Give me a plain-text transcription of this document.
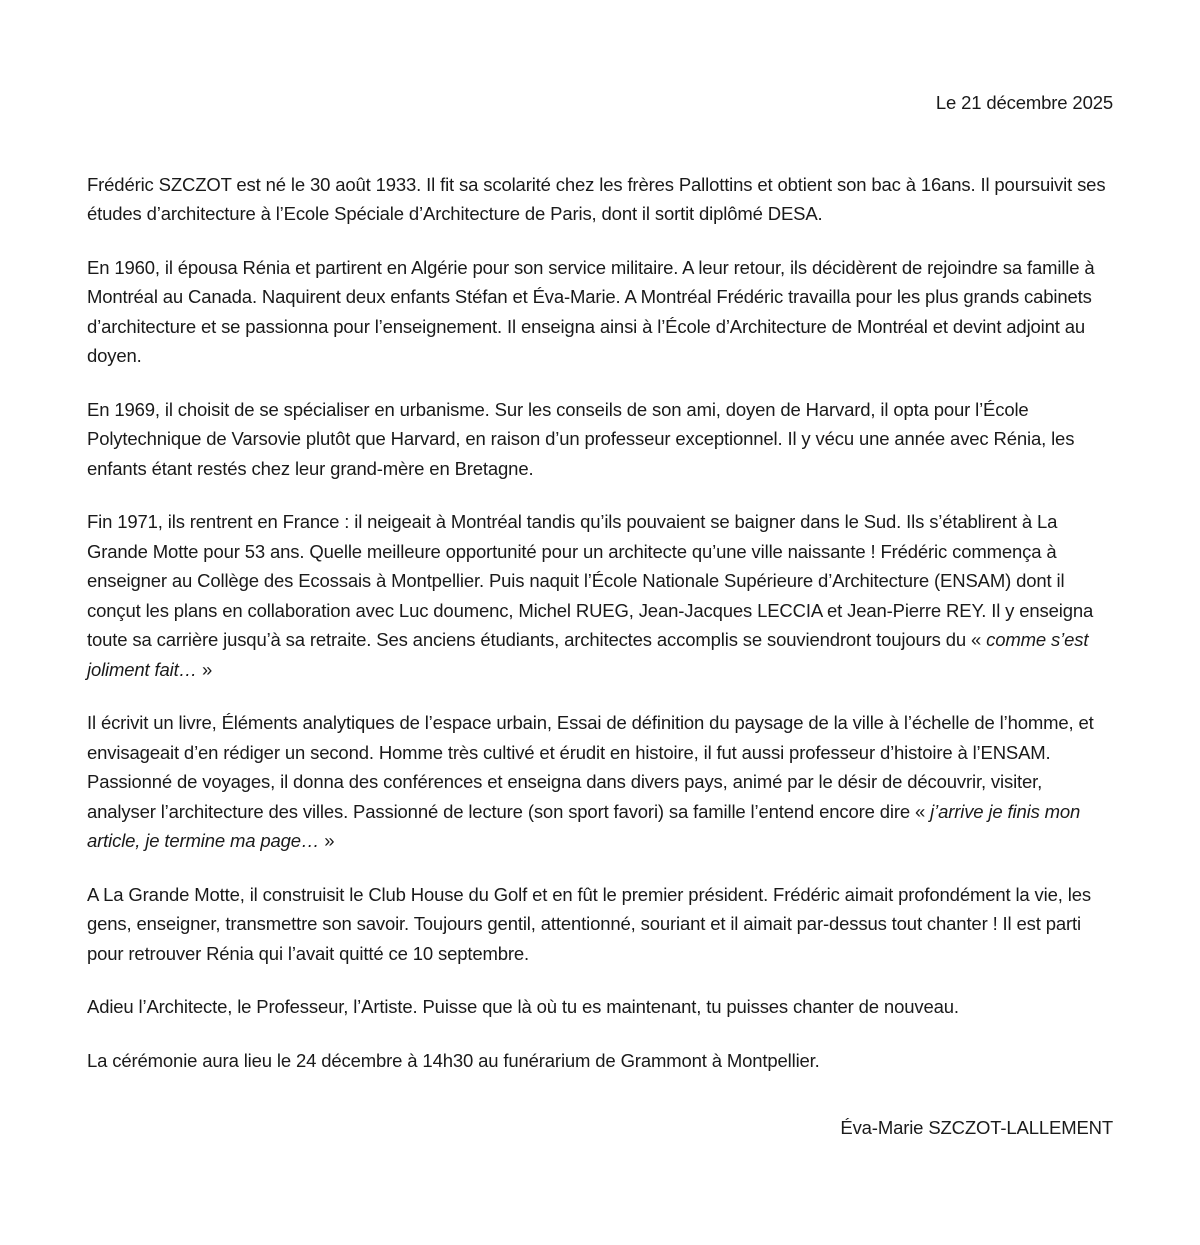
Le 21 décembre 2025

Frédéric SZCZOT est né le 30 août 1933. Il fit sa scolarité chez les frères Pallottins et obtient son bac à 16ans. Il poursuivit ses études d’architecture à l’Ecole Spéciale d’Architecture de Paris, dont il sortit diplômé DESA.

En 1960, il épousa Rénia et partirent en Algérie pour son service militaire. A leur retour, ils décidèrent de rejoindre sa famille à Montréal au Canada. Naquirent deux enfants Stéfan et Éva-Marie. A Montréal Frédéric travailla pour les plus grands cabinets d’architecture et se passionna pour l’enseignement. Il enseigna ainsi à l’École d’Architecture de Montréal et devint adjoint au doyen.

En 1969, il choisit de se spécialiser en urbanisme. Sur les conseils de son ami, doyen de Harvard, il opta pour l’École Polytechnique de Varsovie plutôt que Harvard, en raison d’un professeur exceptionnel. Il y vécu une année avec Rénia, les enfants étant restés chez leur grand-mère en Bretagne.

Fin 1971, ils rentrent en France : il neigeait à Montréal tandis qu’ils pouvaient se baigner dans le Sud. Ils s’établirent à La Grande Motte pour 53 ans. Quelle meilleure opportunité pour un architecte qu’une ville naissante ! Frédéric commença à enseigner au Collège des Ecossais à Montpellier. Puis naquit l’École Nationale Supérieure d’Architecture (ENSAM) dont il conçut les plans en collaboration avec Luc doumenc, Michel RUEG, Jean-Jacques LECCIA et Jean-Pierre REY. Il y enseigna toute sa carrière jusqu’à sa retraite. Ses anciens étudiants, architectes accomplis se souviendront toujours du « comme s’est joliment fait… »

Il écrivit un livre, Éléments analytiques de l’espace urbain, Essai de définition du paysage de la ville à l’échelle de l’homme, et envisageait d’en rédiger un second. Homme très cultivé et érudit en histoire, il fut aussi professeur d’histoire à l’ENSAM. Passionné de voyages, il donna des conférences et enseigna dans divers pays, animé par le désir de découvrir, visiter, analyser l’architecture des villes. Passionné de lecture (son sport favori) sa famille l’entend encore dire « j’arrive je finis mon article, je termine ma page… »

A La Grande Motte, il construisit le Club House du Golf et en fût le premier président. Frédéric aimait profondément la vie, les gens, enseigner, transmettre son savoir. Toujours gentil, attentionné, souriant et il aimait par-dessus tout chanter ! Il est parti pour retrouver Rénia qui l’avait quitté ce 10 septembre.

Adieu l’Architecte, le Professeur, l’Artiste. Puisse que là où tu es maintenant, tu puisses chanter de nouveau.

La cérémonie aura lieu le 24 décembre à 14h30 au funérarium de Grammont à Montpellier.

Éva-Marie SZCZOT-LALLEMENT
